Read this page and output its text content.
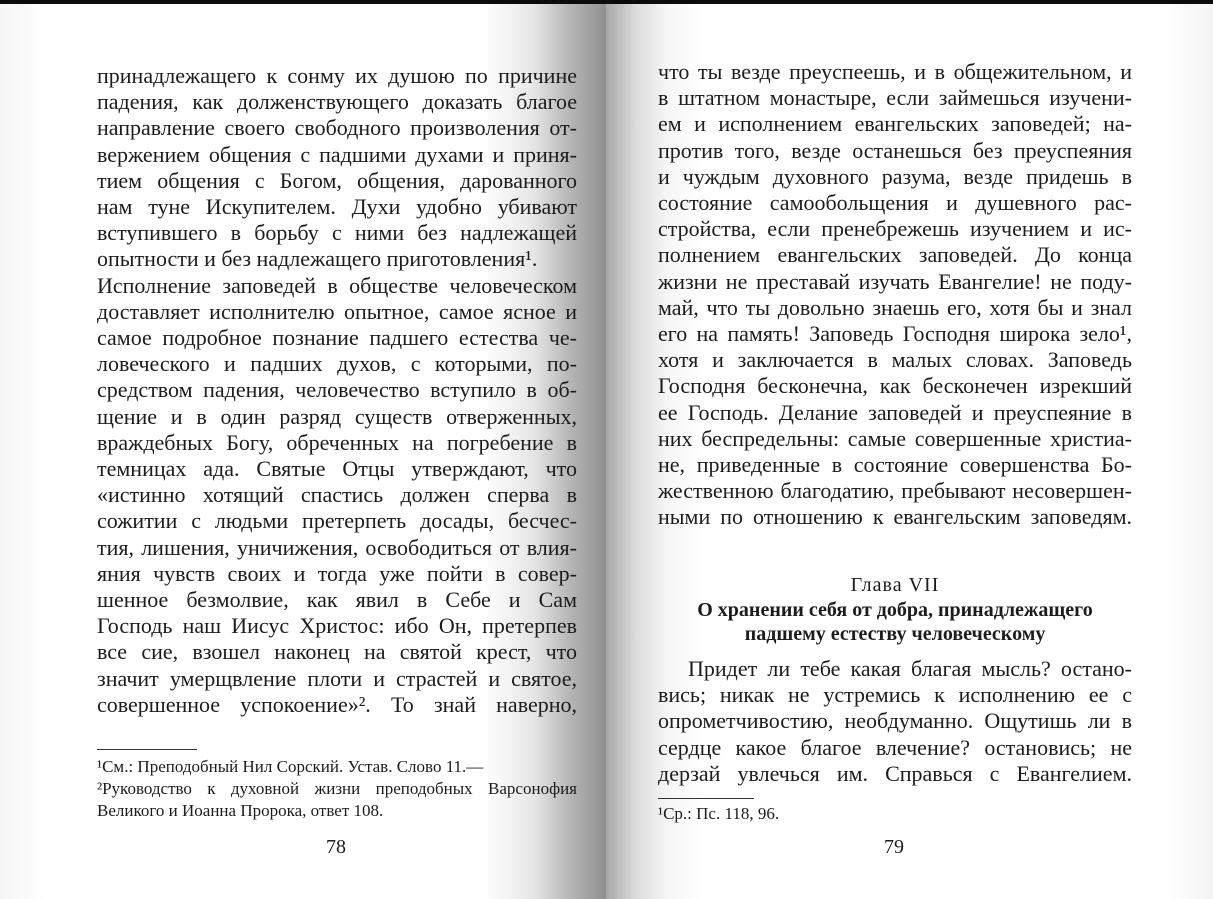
принадлежащего к сонму их душою по причине
падения, как долженствующего доказать благое
направление своего свободного произволения от-
вержением общения с падшими духами и приня-
тием общения с Богом, общения, дарованного
нам туне Искупителем. Духи удобно убивают
вступившего в борьбу с ними без надлежащей
опытности и без надлежащего приготовления¹.
Исполнение заповедей в обществе человеческом
доставляет исполнителю опытное, самое ясное и
самое подробное познание падшего естества че-
ловеческого и падших духов, с которыми, по-
средством падения, человечество вступило в об-
щение и в один разряд существ отверженных,
враждебных Богу, обреченных на погребение в
темницах ада. Святые Отцы утверждают, что
«истинно хотящий спастись должен сперва в
сожитии с людьми претерпеть досады, бесчес-
тия, лишения, уничижения, освободиться от влия-
яния чувств своих и тогда уже пойти в совер-
шенное безмолвие, как явил в Себе и Сам
Господь наш Иисус Христос: ибо Он, претерпев
все сие, взошел наконец на святой крест, что
значит умерщвление плоти и страстей и святое,
совершенное успокоение»². То знай наверно,
¹См.: Преподобный Нил Сорский. Устав. Слово 11.—
²Руководство к духовной жизни преподобных Варсонофия
Великого и Иоанна Пророка, ответ 108.
78
что ты везде преуспеешь, и в общежительном, и
в штатном монастыре, если займешься изучени-
ем и исполнением евангельских заповедей; на-
против того, везде останешься без преуспеяния
и чуждым духовного разума, везде придешь в
состояние самообольщения и душевного рас-
стройства, если пренебрежешь изучением и ис-
полнением евангельских заповедей. До конца
жизни не преставай изучать Евангелие! не поду-
май, что ты довольно знаешь его, хотя бы и знал
его на память! Заповедь Господня широка зело¹,
хотя и заключается в малых словах. Заповедь
Господня бесконечна, как бесконечен изрекший
ее Господь. Делание заповедей и преуспеяние в
них беспредельны: самые совершенные христиа-
не, приведенные в состояние совершенства Бо-
жественною благодатию, пребывают несовершен-
ными по отношению к евангельским заповедям.
Глава VII
О хранении себя от добра, принадлежащего
падшему естеству человеческому
Придет ли тебе какая благая мысль? остано-
вись; никак не устремись к исполнению ее с
опрометчивостию, необдуманно. Ощутишь ли в
сердце какое благое влечение? остановись; не
дерзай увлечься им. Справься с Евангелием.
¹Ср.: Пс. 118, 96.
79
